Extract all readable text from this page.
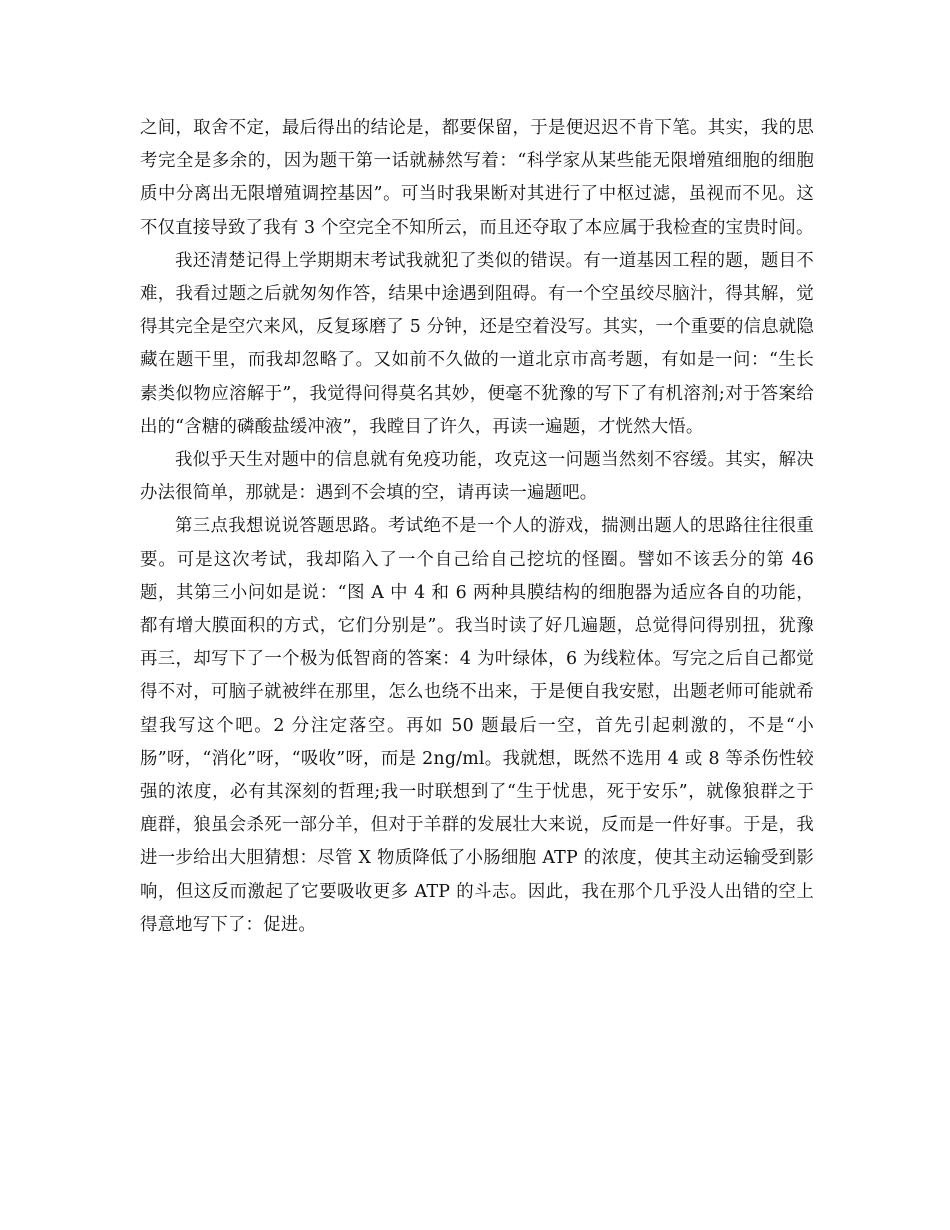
之间，取舍不定，最后得出的结论是，都要保留，于是便迟迟不肯下笔。其实，我的思考完全是多余的，因为题干第一话就赫然写着：“科学家从某些能无限增殖细胞的细胞质中分离出无限增殖调控基因”。可当时我果断对其进行了中枢过滤，虽视而不见。这不仅直接导致了我有 3 个空完全不知所云，而且还夺取了本应属于我检查的宝贵时间。

我还清楚记得上学期期末考试我就犯了类似的错误。有一道基因工程的题，题目不难，我看过题之后就匆匆作答，结果中途遇到阻碍。有一个空虽绞尽脑汁，得其解，觉得其完全是空穴来风，反复琢磨了 5 分钟，还是空着没写。其实，一个重要的信息就隐藏在题干里，而我却忽略了。又如前不久做的一道北京市高考题，有如是一问：“生长素类似物应溶解于”，我觉得问得莫名其妙，便毫不犹豫的写下了有机溶剂;对于答案给出的“含糖的磷酸盐缓冲液”，我瞠目了许久，再读一遍题，才恍然大悟。

我似乎天生对题中的信息就有免疫功能，攻克这一问题当然刻不容缓。其实，解决办法很简单，那就是：遇到不会填的空，请再读一遍题吧。

第三点我想说说答题思路。考试绝不是一个人的游戏，揣测出题人的思路往往很重要。可是这次考试，我却陷入了一个自己给自己挖坑的怪圈。譬如不该丢分的第 46 题，其第三小问如是说：“图 A 中 4 和 6 两种具膜结构的细胞器为适应各自的功能，都有增大膜面积的方式，它们分别是”。我当时读了好几遍题，总觉得问得别扭，犹豫再三，却写下了一个极为低智商的答案：4 为叶绿体，6 为线粒体。写完之后自己都觉得不对，可脑子就被绊在那里，怎么也绕不出来，于是便自我安慰，出题老师可能就希望我写这个吧。2 分注定落空。再如 50 题最后一空，首先引起刺激的，不是“小肠”呀，“消化”呀，“吸收”呀，而是 2ng/ml。我就想，既然不选用 4 或 8 等杀伤性较强的浓度，必有其深刻的哲理;我一时联想到了“生于忧患，死于安乐”，就像狼群之于鹿群，狼虽会杀死一部分羊，但对于羊群的发展壮大来说，反而是一件好事。于是，我进一步给出大胆猜想：尽管 X 物质降低了小肠细胞 ATP 的浓度，使其主动运输受到影响，但这反而激起了它要吸收更多 ATP 的斗志。因此，我在那个几乎没人出错的空上得意地写下了：促进。
